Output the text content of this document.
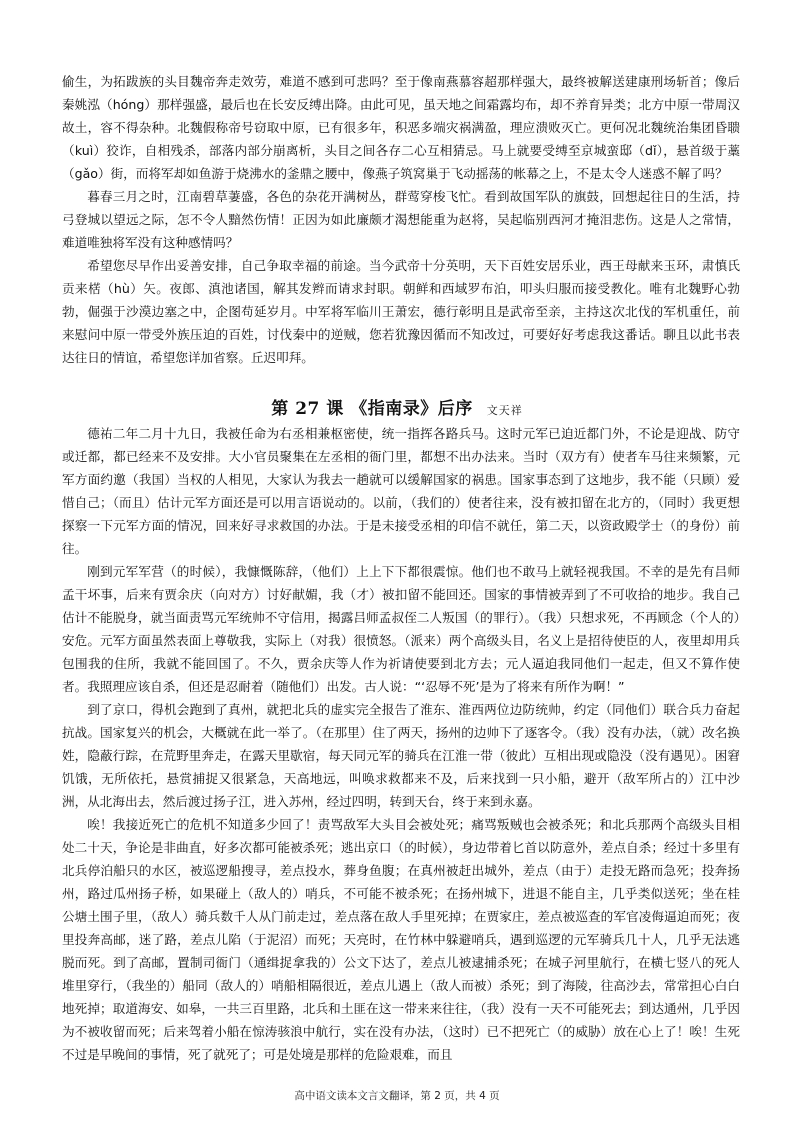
偷生，为拓跋族的头目魏帝奔走效劳，难道不感到可悲吗？至于像南燕慕容超那样强大，最终被解送建康刑场斩首；像后秦姚泓（hóng）那样强盛，最后也在长安反缚出降。由此可见，虽天地之间霜露均布，却不养育异类；北方中原一带周汉故土，容不得杂种。北魏假称帝号窃取中原，已有很多年，积恶多端灾祸满盈，理应溃败灭亡。更何况北魏统治集团昏聩（kuì）狡诈，自相残杀，部落内部分崩离析，头目之间各存二心互相猜忌。马上就要受缚至京城蛮邸（dǐ），悬首级于藁（gǎo）街，而将军却如鱼游于烧沸水的釜鼎之腰中，像燕子筑窝巢于飞动摇荡的帐幕之上，不是太令人迷惑不解了吗？

暮春三月之时，江南碧草萋盛，各色的杂花开满树丛，群莺穿梭飞忙。看到故国军队的旗鼓，回想起往日的生活，持弓登城以望远之际，怎不令人黯然伤情！正因为如此廉颇才渴想能重为赵将，吴起临别西河才掩泪悲伤。这是人之常情，难道唯独将军没有这种感情吗？

希望您尽早作出妥善安排，自己争取幸福的前途。当今武帝十分英明，天下百姓安居乐业，西王母献来玉环，肃慎氏贡来楛（hù）矢。夜郎、滇池诸国，解其发辫而请求封职。朝鲜和西域罗布泊，叩头归服而接受教化。唯有北魏野心勃勃，倔强于沙漠边塞之中，企图苟延岁月。中军将军临川王萧宏，德行彰明且是武帝至亲，主持这次北伐的军机重任，前来慰问中原一带受外族压迫的百姓，讨伐秦中的逆贼，您若犹豫因循而不知改过，可要好好考虑我这番话。聊且以此书表达往日的情谊，希望您详加省察。丘迟叩拜。

第 27 课 《指南录》后序 文天祥

德祐二年二月十九日，我被任命为右丞相兼枢密使，统一指挥各路兵马。这时元军已迫近都门外，不论是迎战、防守或迁都，都已经来不及安排。大小官员聚集在左丞相的衙门里，都想不出办法来。当时（双方有）使者车马往来频繁，元军方面约邀（我国）当权的人相见，大家认为我去一趟就可以缓解国家的祸患。国家事态到了这地步，我不能（只顾）爱惜自己；（而且）估计元军方面还是可以用言语说动的。以前，（我们的）使者往来，没有被扣留在北方的，（同时）我更想探察一下元军方面的情况，回来好寻求救国的办法。于是未接受丞相的印信不就任，第二天，以资政殿学士（的身份）前往。

刚到元军军营（的时候），我慷慨陈辞，（他们）上上下下都很震惊。他们也不敢马上就轻视我国。不幸的是先有吕师孟干坏事，后来有贾余庆（向对方）讨好献媚，我（才）被扣留不能回还。国家的事情被弄到了不可收拾的地步。我自己估计不能脱身，就当面责骂元军统帅不守信用，揭露吕师孟叔侄二人叛国（的罪行）。（我）只想求死，不再顾念（个人的）安危。元军方面虽然表面上尊敬我，实际上（对我）很愤怒。（派来）两个高级头目，名义上是招待使臣的人，夜里却用兵包围我的住所，我就不能回国了。不久，贾余庆等人作为祈请使要到北方去；元人逼迫我同他们一起走，但又不算作使者。我照理应该自杀，但还是忍耐着（随他们）出发。古人说：“‘忍辱不死’是为了将来有所作为啊！”

到了京口，得机会跑到了真州，就把北兵的虚实完全报告了淮东、淮西两位边防统帅，约定（同他们）联合兵力奋起抗战。国家复兴的机会，大概就在此一举了。（在那里）住了两天，扬州的边帅下了逐客令。（我）没有办法，（就）改名换姓，隐蔽行踪，在荒野里奔走，在露天里歇宿，每天同元军的骑兵在江淮一带（彼此）互相出现或隐没（没有遇见）。困窘饥饿，无所依托，悬赏捕捉又很紧急，天高地远，叫唤求救都来不及，后来找到一只小船，避开（敌军所占的）江中沙洲，从北海出去，然后渡过扬子江，进入苏州，经过四明，转到天台，终于来到永嘉。

唉！我接近死亡的危机不知道多少回了！责骂敌军大头目会被处死；痛骂叛贼也会被杀死；和北兵那两个高级头目相处二十天，争论是非曲直，好多次都可能被杀死；逃出京口（的时候），身边带着匕首以防意外，差点自杀；经过十多里有北兵停泊船只的水区，被巡逻船搜寻，差点投水，葬身鱼腹；在真州被赶出城外，差点（由于）走投无路而急死；投奔扬州，路过瓜州扬子桥，如果碰上（敌人的）哨兵，不可能不被杀死；在扬州城下，进退不能自主，几乎类似送死；坐在桂公塘土围子里，（敌人）骑兵数千人从门前走过，差点落在敌人手里死掉；在贾家庄，差点被巡查的军官凌侮逼迫而死；夜里投奔高邮，迷了路，差点儿陷（于泥沼）而死；天亮时，在竹林中躲避哨兵，遇到巡逻的元军骑兵几十人，几乎无法逃脱而死。到了高邮，置制司衙门（通缉捉拿我的）公文下达了，差点儿被逮捕杀死；在城子河里航行，在横七竖八的死人堆里穿行，（我坐的）船同（敌人的）哨船相隔很近，差点儿遇上（敌人而被）杀死；到了海陵，往高沙去，常常担心白白地死掉；取道海安、如皋，一共三百里路，北兵和土匪在这一带来来往往，（我）没有一天不可能死去；到达通州，几乎因为不被收留而死；后来驾着小船在惊涛骇浪中航行，实在没有办法，（这时）已不把死亡（的威胁）放在心上了！唉！生死不过是早晚间的事情，死了就死了；可是处境是那样的危险艰难，而且

高中语文读本文言文翻译，第 2 页，共 4 页
